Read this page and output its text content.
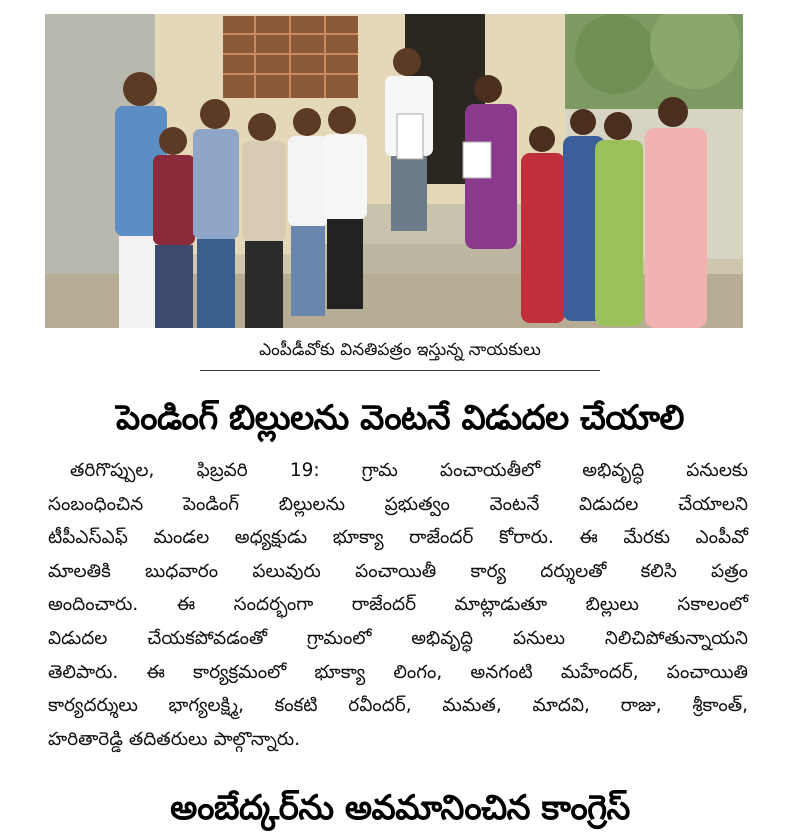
ఎంపీడీవోకు వినతిపత్రం ఇస్తున్న నాయకులు
పెండింగ్ బిల్లులను వెంటనే విడుదల చేయాలి
తరిగొప్పుల, ఫిబ్రవరి 19: గ్రామ పంచాయతీలో అభివృద్ధి పనులకు
సంబంధించిన పెండింగ్ బిల్లులను ప్రభుత్వం వెంటనే విడుదల చేయాలని
టీపీఎస్ఎఫ్ మండల అధ్యక్షుడు భూక్యా రాజేందర్ కోరారు. ఈ మేరకు ఎంపీవో
మాలతికి బుధవారం పలువురు పంచాయితీ కార్య దర్శులతో కలిసి పత్రం
అందించారు. ఈ సందర్భంగా రాజేందర్ మాట్లాడుతూ బిల్లులు సకాలంలో
విడుదల చేయకపోవడంతో గ్రామంలో అభివృద్ధి పనులు నిలిచిపోతున్నాయని
తెలిపారు. ఈ కార్యక్రమంలో భూక్యా లింగం, అనగంటి మహేందర్, పంచాయితి
కార్యదర్శులు భాగ్యలక్ష్మి, కంకటి రవీందర్, మమత, మాదవి, రాజు, శ్రీకాంత్,
హరితారెడ్డి తదితరులు పాల్గొన్నారు.
అంబేద్కర్‌ను అవమానించిన కాంగ్రెస్
